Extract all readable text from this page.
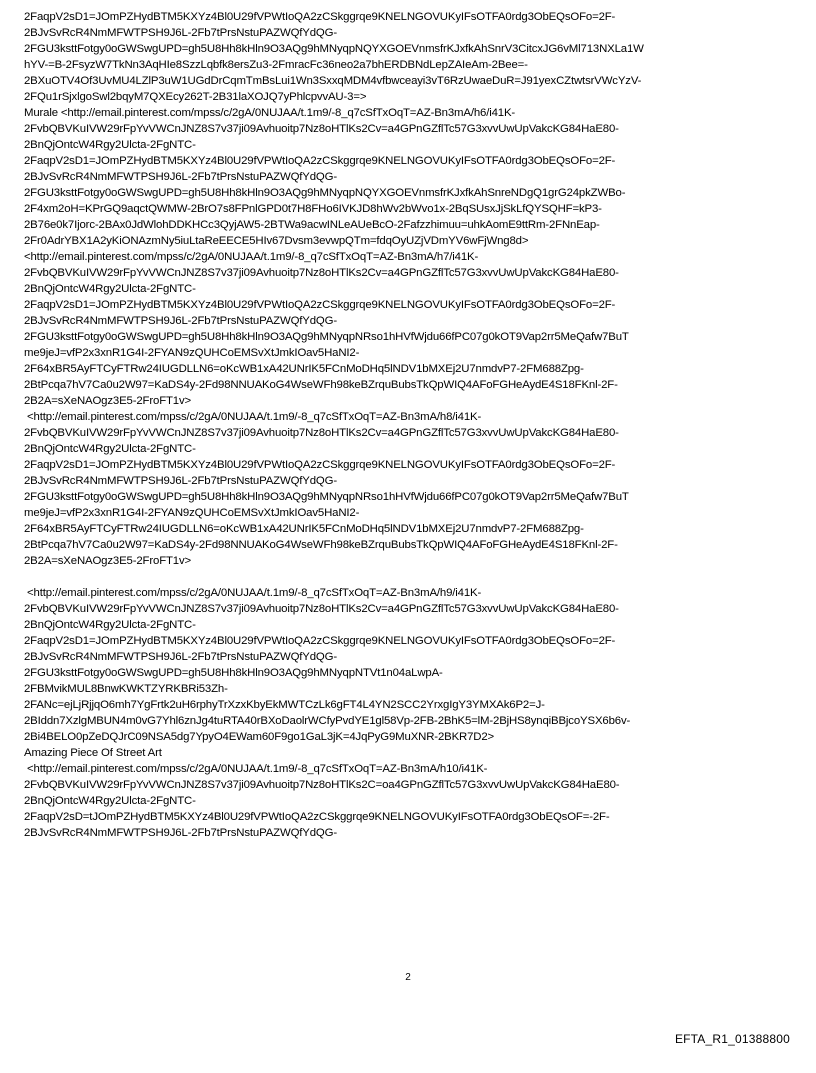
2FaqpV2sD1=JOmPZHydBTM5KXYz4Bl0U29fVPWtIoQA2zCSkggrqe9KNELNGOVUKyIFsOTFA0rdg3ObEQsOFo=2F-
2BJvSvRcR4NmMFWTPSH9J6L-2Fb7tPrsNstuPAZWQfYdQG-
2FGU3ksttFotgy0oGWSwgUPD=gh5U8Hh8kHln9O3AQg9hMNyqpNQYXGOEVnmsfrKJxfkAhSnrV3CitcxJG6vMl713NXLa1W
hYV-=B-2FsyzW7TkNn3AqHIe8SzzLqbfk8ersZu3-2FmracFc36neo2a7bhERDBNdLepZAIeAm-2Bee=-
2BXuOTV4Of3UvMU4LZlP3uW1UGdDrCqmTmBsLui1Wn3SxxqMDM4vfbwceayi3vT6RzUwaeDuR=J91yexCZtwtsrVWcYzV-
2FQu1rSjxlgoSwl2bqyM7QXEcy262T-2B31laXOJQ7yPhlcpvvAU-3=>
Murale <http://email.pinterest.com/mpss/c/2gA/0NUJAA/t.1m9/-8_q7cSfTxOqT=AZ-Bn3mA/h6/i41K-
2FvbQBVKuIVW29rFpYvVWCnJNZ8S7v37ji09Avhuoitp7Nz8oHTlKs2Cv=a4GPnGZflTc57G3xvvUwUpVakcKG84HaE80-
2BnQjOntcW4Rgy2Ulcta-2FgNTC-
2FaqpV2sD1=JOmPZHydBTM5KXYz4Bl0U29fVPWtIoQA2zCSkggrqe9KNELNGOVUKyIFsOTFA0rdg3ObEQsOFo=2F-
2BJvSvRcR4NmMFWTPSH9J6L-2Fb7tPrsNstuPAZWQfYdQG-
2FGU3ksttFotgy0oGWSwgUPD=gh5U8Hh8kHln9O3AQg9hMNyqpNQYXGOEVnmsfrKJxfkAhSnreNDgQ1grG24pkZWBo-
2F4xm2oH=KPrGQ9aqctQWMW-2BrO7s8FPnlGPD0t7H8FHo6IVKJD8hWv2bWvo1x-2BqSUsxJjSkLfQYSQHF=kP3-
2B76e0k7Ijorc-2BAx0JdWlohDDKHCc3QyjAW5-2BTWa9acwINLeAUeBcO-2Fafzzhimuu=uhkAomE9ttRm-2FNnEap-
2Fr0AdrYBX1A2yKiONAzmNy5iuLtaReEECE5HIv67Dvsm3evwpQTm=fdqOyUZjVDmYV6wFjWng8d>
<http://email.pinterest.com/mpss/c/2gA/0NUJAA/t.1m9/-8_q7cSfTxOqT=AZ-Bn3mA/h7/i41K-
2FvbQBVKuIVW29rFpYvVWCnJNZ8S7v37ji09Avhuoitp7Nz8oHTlKs2Cv=a4GPnGZflTc57G3xvvUwUpVakcKG84HaE80-
2BnQjOntcW4Rgy2Ulcta-2FgNTC-
2FaqpV2sD1=JOmPZHydBTM5KXYz4Bl0U29fVPWtIoQA2zCSkggrqe9KNELNGOVUKyIFsOTFA0rdg3ObEQsOFo=2F-
2BJvSvRcR4NmMFWTPSH9J6L-2Fb7tPrsNstuPAZWQfYdQG-
2FGU3ksttFotgy0oGWSwgUPD=gh5U8Hh8kHln9O3AQg9hMNyqpNRso1hHVfWjdu66fPC07g0kOT9Vap2rr5MeQafw7BuT
me9jeJ=vfP2x3xnR1G4I-2FYAN9zQUHCoEMSvXtJmkIOav5HaNI2-
2F64xBR5AyFTCyFTRw24IUGDLLN6=oKcWB1xA42UNrIK5FCnMoDHq5lNDV1bMXEj2U7nmdvP7-2FM688Zpg-
2BtPcqa7hV7Ca0u2W97=KaDS4y-2Fd98NNUAKoG4WseWFh98keBZrquBubsTkQpWIQ4AFoFGHeAydE4S18FKnl-2F-
2B2A=sXeNAOgz3E5-2FroFT1v>
<http://email.pinterest.com/mpss/c/2gA/0NUJAA/t.1m9/-8_q7cSfTxOqT=AZ-Bn3mA/h8/i41K-
2FvbQBVKuIVW29rFpYvVWCnJNZ8S7v37ji09Avhuoitp7Nz8oHTlKs2Cv=a4GPnGZflTc57G3xvvUwUpVakcKG84HaE80-
2BnQjOntcW4Rgy2Ulcta-2FgNTC-
2FaqpV2sD1=JOmPZHydBTM5KXYz4Bl0U29fVPWtIoQA2zCSkggrqe9KNELNGOVUKyIFsOTFA0rdg3ObEQsOFo=2F-
2BJvSvRcR4NmMFWTPSH9J6L-2Fb7tPrsNstuPAZWQfYdQG-
2FGU3ksttFotgy0oGWSwgUPD=gh5U8Hh8kHln9O3AQg9hMNyqpNRso1hHVfWjdu66fPC07g0kOT9Vap2rr5MeQafw7BuT
me9jeJ=vfP2x3xnR1G4I-2FYAN9zQUHCoEMSvXtJmkIOav5HaNI2-
2F64xBR5AyFTCyFTRw24IUGDLLN6=oKcWB1xA42UNrIK5FCnMoDHq5lNDV1bMXEj2U7nmdvP7-2FM688Zpg-
2BtPcqa7hV7Ca0u2W97=KaDS4y-2Fd98NNUAKoG4WseWFh98keBZrquBubsTkQpWIQ4AFoFGHeAydE4S18FKnl-2F-
2B2A=sXeNAOgz3E5-2FroFT1v>
<http://email.pinterest.com/mpss/c/2gA/0NUJAA/t.1m9/-8_q7cSfTxOqT=AZ-Bn3mA/h9/i41K-
2FvbQBVKuIVW29rFpYvVWCnJNZ8S7v37ji09Avhuoitp7Nz8oHTlKs2Cv=a4GPnGZflTc57G3xvvUwUpVakcKG84HaE80-
2BnQjOntcW4Rgy2Ulcta-2FgNTC-
2FaqpV2sD1=JOmPZHydBTM5KXYz4Bl0U29fVPWtIoQA2zCSkggrqe9KNELNGOVUKyIFsOTFA0rdg3ObEQsOFo=2F-
2BJvSvRcR4NmMFWTPSH9J6L-2Fb7tPrsNstuPAZWQfYdQG-
2FGU3ksttFotgy0oGWSwgUPD=gh5U8Hh8kHln9O3AQg9hMNyqpNTVt1n04aLwpA-
2FBMvikMUL8BnwKWKTZYRKBRi53Zh-
2FANc=ejLjRjjqO6mh7YgFrtk2uH6rphyTrXzxKbyEkMWTCzLk6gFT4L4YN2SCC2YrxgIgY3YMXAk6P2=J-
2BIddn7XzlgMBUN4m0vG7Yhl6znJg4tuRTA40rBXoDaolrWCfyPvdYE1gl58Vp-2FB-2BhK5=lM-2BjHS8ynqiBBjcoYSX6b6v-
2Bi4BELO0pZeDQJrC09NSA5dg7YpyO4EWam60F9go1GaL3jK=4JqPyG9MuXNR-2BKR7D2>
Amazing Piece Of Street Art
<http://email.pinterest.com/mpss/c/2gA/0NUJAA/t.1m9/-8_q7cSfTxOqT=AZ-Bn3mA/h10/i41K-
2FvbQBVKuIVW29rFpYvVWCnJNZ8S7v37ji09Avhuoitp7Nz8oHTlKs2C=oa4GPnGZflTc57G3xvvUwUpVakcKG84HaE80-
2BnQjOntcW4Rgy2Ulcta-2FgNTC-
2FaqpV2sD=tJOmPZHydBTM5KXYz4Bl0U29fVPWtIoQA2zCSkggrqe9KNELNGOVUKyIFsOTFA0rdg3ObEQsOF=-2F-
2BJvSvRcR4NmMFWTPSH9J6L-2Fb7tPrsNstuPAZWQfYdQG-
2
EFTA_R1_01388800
